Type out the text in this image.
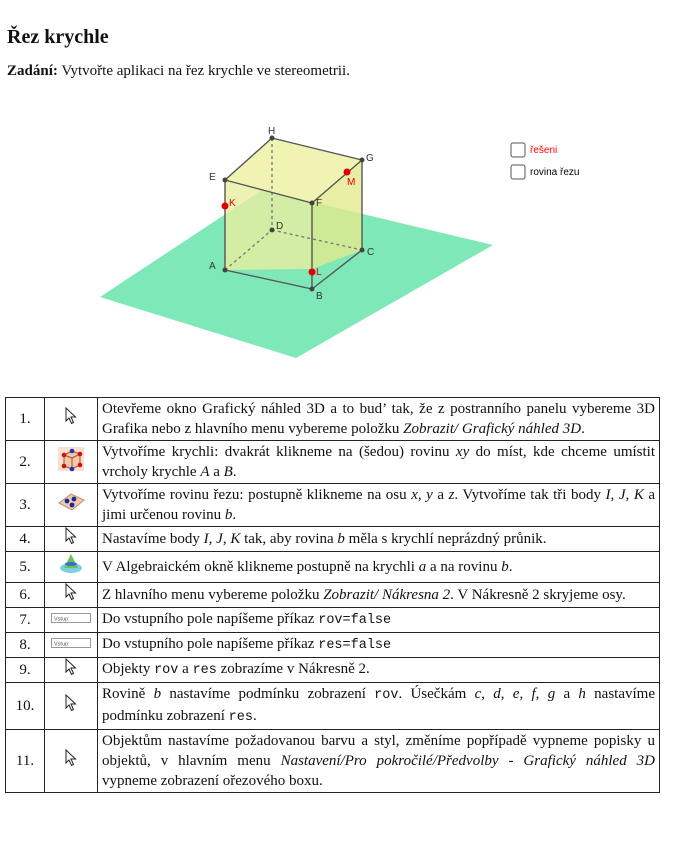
Řez krychle
Zadání: Vytvořte aplikaci na řez krychle ve stereometrii.
A
B
C
D
E
F
G
H
K
L
M
řešeni
rovina řezu
1.		Otevřeme okno Grafický náhled 3D a to bud’ tak, že z postranního panelu vybereme 3D Grafika nebo z hlavního menu vybereme položku Zobrazit/ Grafický náhled 3D.
2.		Vytvoříme krychli: dvakrát klikneme na (šedou) rovinu xy do míst, kde chceme umístit vrcholy krychle A a B.
3.		Vytvoříme rovinu řezu: postupně klikneme na osu x, y a z. Vytvoříme tak tři body I, J, K a jimi určenou rovinu b.
4.		Nastavíme body I, J, K tak, aby rovina b měla s krychlí neprázdný průnik.
5.		V Algebraickém okně klikneme postupně na krychli a a na rovinu b.
6.		Z hlavního menu vybereme položku Zobrazit/ Nákresna 2. V Nákresně 2 skryjeme osy.
7.	Vstup:	Do vstupního pole napíšeme příkaz rov=false
8.	Vstup:	Do vstupního pole napíšeme příkaz res=false
9.		Objekty rov a res zobrazíme v Nákresně 2.
10.		Rovině b nastavíme podmínku zobrazení rov. Úsečkám c, d, e, f, g a h nastavíme podmínku zobrazení res.
11.		Objektům nastavíme požadovanou barvu a styl, změníme popřípadě vypneme popisky u objektů, v hlavním menu Nastavení/Pro pokročilé/Předvolby - Grafický náhled 3D vypneme zobrazení ořezového boxu.
